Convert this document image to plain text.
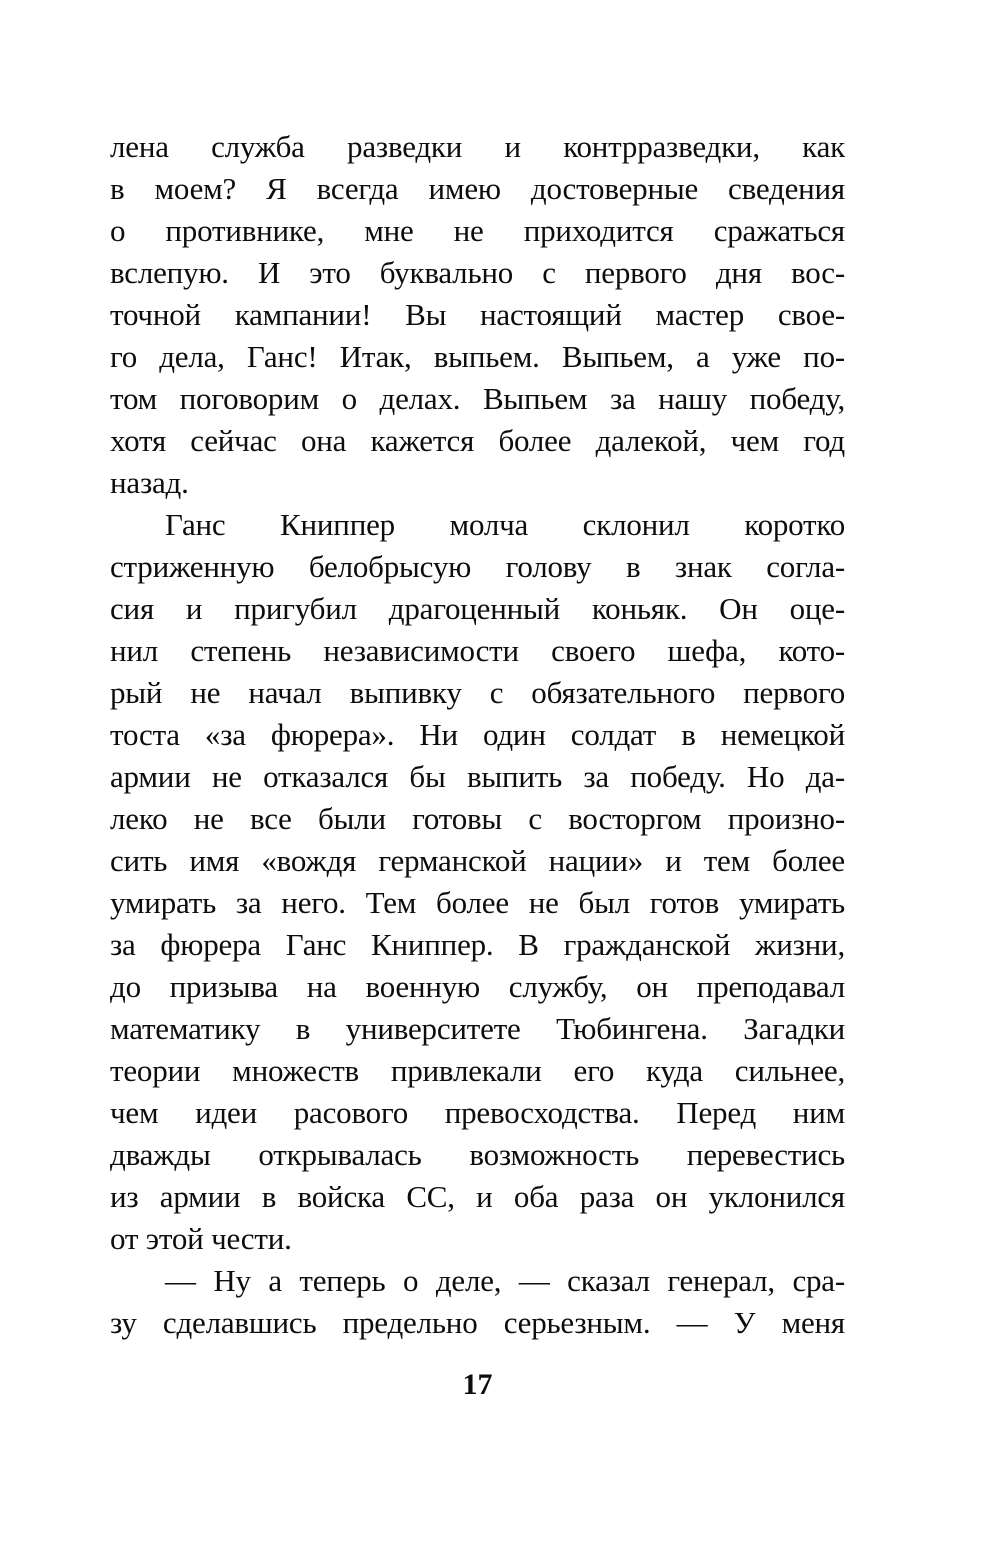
лена служба разведки и контрразведки, как
в моем? Я всегда имею достоверные сведения
о противнике, мне не приходится сражаться
вслепую. И это буквально с первого дня вос-
точной кампании! Вы настоящий мастер свое-
го дела, Ганс! Итак, выпьем. Выпьем, а уже по-
том поговорим о делах. Выпьем за нашу победу,
хотя сейчас она кажется более далекой, чем год
назад.
Ганс Книппер молча склонил коротко
стриженную белобрысую голову в знак согла-
сия и пригубил драгоценный коньяк. Он оце-
нил степень независимости своего шефа, кото-
рый не начал выпивку с обязательного первого
тоста «за фюрера». Ни один солдат в немецкой
армии не отказался бы выпить за победу. Но да-
леко не все были готовы с восторгом произно-
сить имя «вождя германской нации» и тем более
умирать за него. Тем более не был готов умирать
за фюрера Ганс Книппер. В гражданской жизни,
до призыва на военную службу, он преподавал
математику в университете Тюбингена. Загадки
теории множеств привлекали его куда сильнее,
чем идеи расового превосходства. Перед ним
дважды открывалась возможность перевестись
из армии в войска СС, и оба раза он уклонился
от этой чести.
— Ну а теперь о деле, — сказал генерал, сра-
зу сделавшись предельно серьезным. — У меня
17
